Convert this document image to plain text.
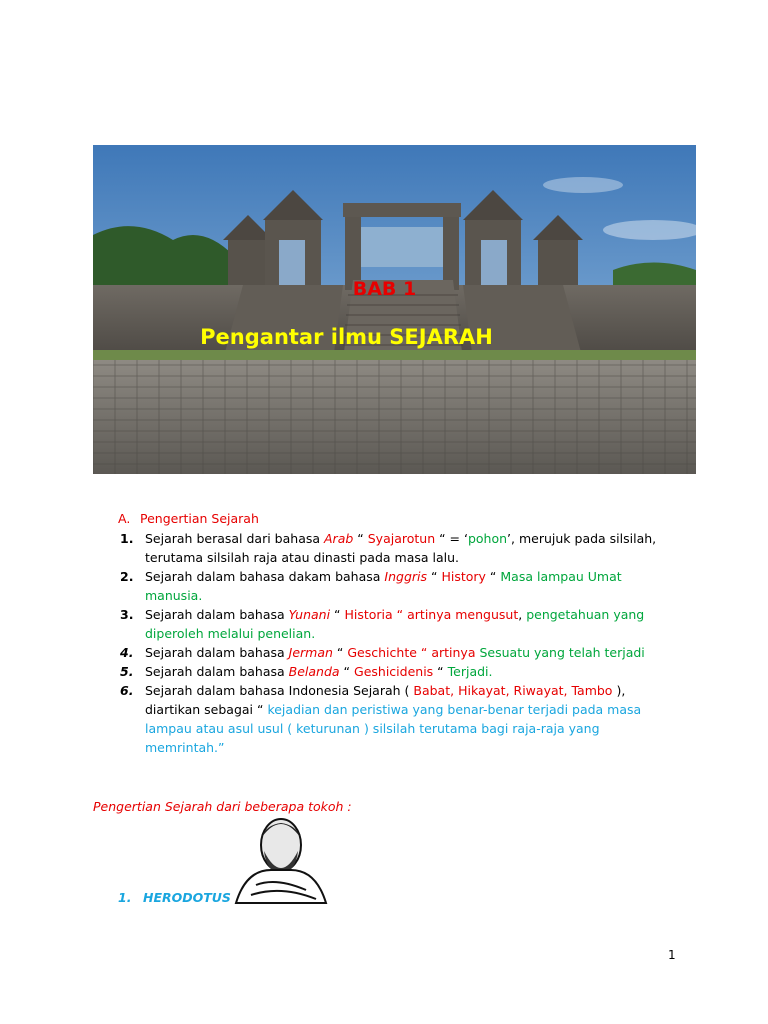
BAB 1
Pengantar ilmu SEJARAH
A. Pengertian Sejarah
1. Sejarah berasal dari bahasa Arab “ Syajarotun “ = ‘pohon’, merujuk pada silsilah, terutama silsilah raja atau dinasti pada masa lalu.
2. Sejarah dalam bahasa dakam bahasa Inggris “ History “ Masa lampau Umat manusia.
3. Sejarah dalam bahasa Yunani “ Historia “ artinya mengusut, pengetahuan yang diperoleh melalui penelian.
4. Sejarah dalam bahasa Jerman “ Geschichte “ artinya Sesuatu yang telah terjadi
5. Sejarah dalam bahasa Belanda “ Geshicidenis “ Terjadi.
6. Sejarah dalam bahasa Indonesia Sejarah ( Babat, Hikayat, Riwayat, Tambo ), diartikan sebagai “ kejadian dan peristiwa yang benar-benar terjadi pada masa lampau atau asul usul ( keturunan ) silsilah terutama bagi raja-raja yang memrintah.”
Pengertian Sejarah dari beberapa tokoh :
1. HERODOTUS
1
